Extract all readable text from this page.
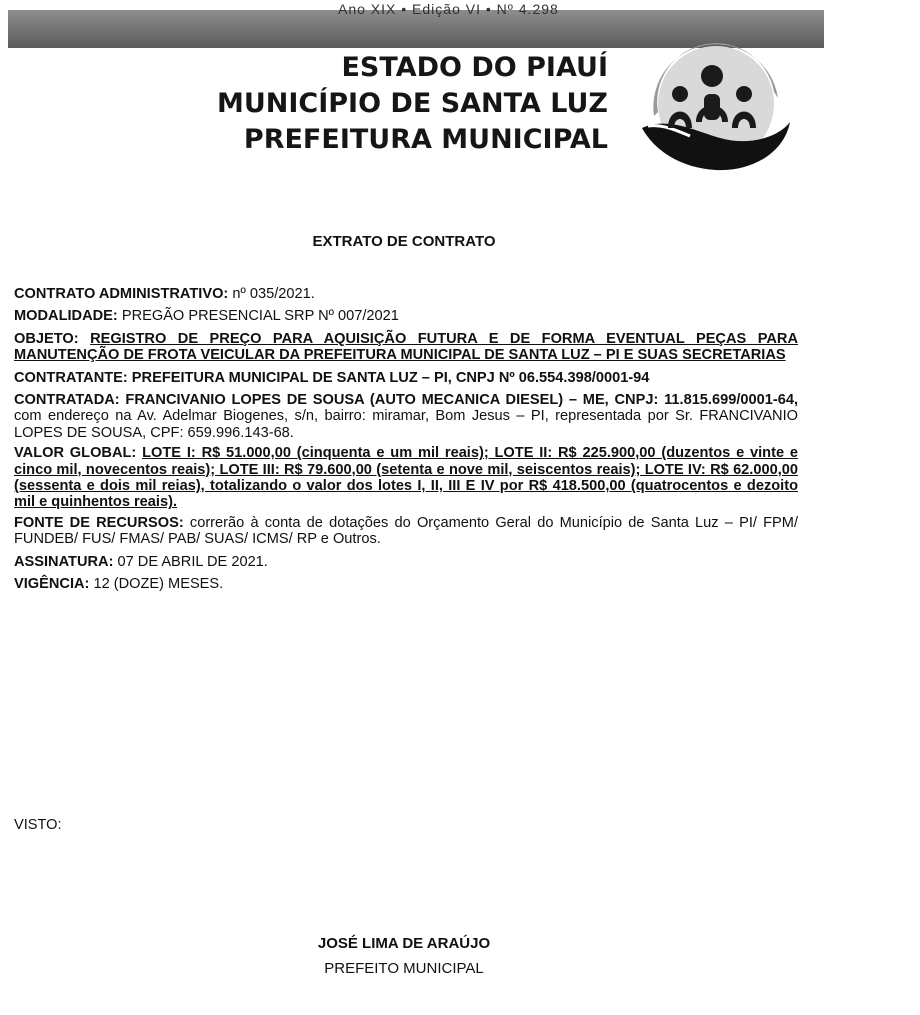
Ano XIX • Edição VI • Nº 4.298
ESTADO DO PIAUÍ
MUNICÍPIO DE SANTA LUZ
PREFEITURA MUNICIPAL
EXTRATO DE CONTRATO

CONTRATO ADMINISTRATIVO: nº 035/2021.

MODALIDADE: PREGÃO PRESENCIAL SRP Nº 007/2021

OBJETO: REGISTRO DE PREÇO PARA AQUISIÇÃO FUTURA E DE FORMA EVENTUAL PEÇAS PARA MANUTENÇÃO DE FROTA VEICULAR DA PREFEITURA MUNICIPAL DE SANTA LUZ – PI E SUAS SECRETARIAS

CONTRATANTE: PREFEITURA MUNICIPAL DE SANTA LUZ – PI, CNPJ Nº 06.554.398/0001-94

CONTRATADA: FRANCIVANIO LOPES DE SOUSA (AUTO MECANICA DIESEL) – ME, CNPJ: 11.815.699/0001-64, com endereço na Av. Adelmar Biogenes, s/n, bairro: miramar, Bom Jesus – PI, representada por Sr. FRANCIVANIO LOPES DE SOUSA, CPF: 659.996.143-68.

VALOR GLOBAL: LOTE I: R$ 51.000,00 (cinquenta e um mil reais); LOTE II: R$ 225.900,00 (duzentos e vinte e cinco mil, novecentos reais); LOTE III: R$ 79.600,00 (setenta e nove mil, seiscentos reais); LOTE IV: R$ 62.000,00 (sessenta e dois mil reias), totalizando o valor dos lotes I, II, III E IV por R$ 418.500,00 (quatrocentos e dezoito mil e quinhentos reais).

FONTE DE RECURSOS: correrão à conta de dotações do Orçamento Geral do Município de Santa Luz – PI/ FPM/ FUNDEB/ FUS/ FMAS/ PAB/ SUAS/ ICMS/ RP e Outros.

ASSINATURA: 07 DE ABRIL DE 2021.

VIGÊNCIA: 12 (DOZE) MESES.

VISTO:
JOSÉ LIMA DE ARAÚJO
PREFEITO MUNICIPAL
